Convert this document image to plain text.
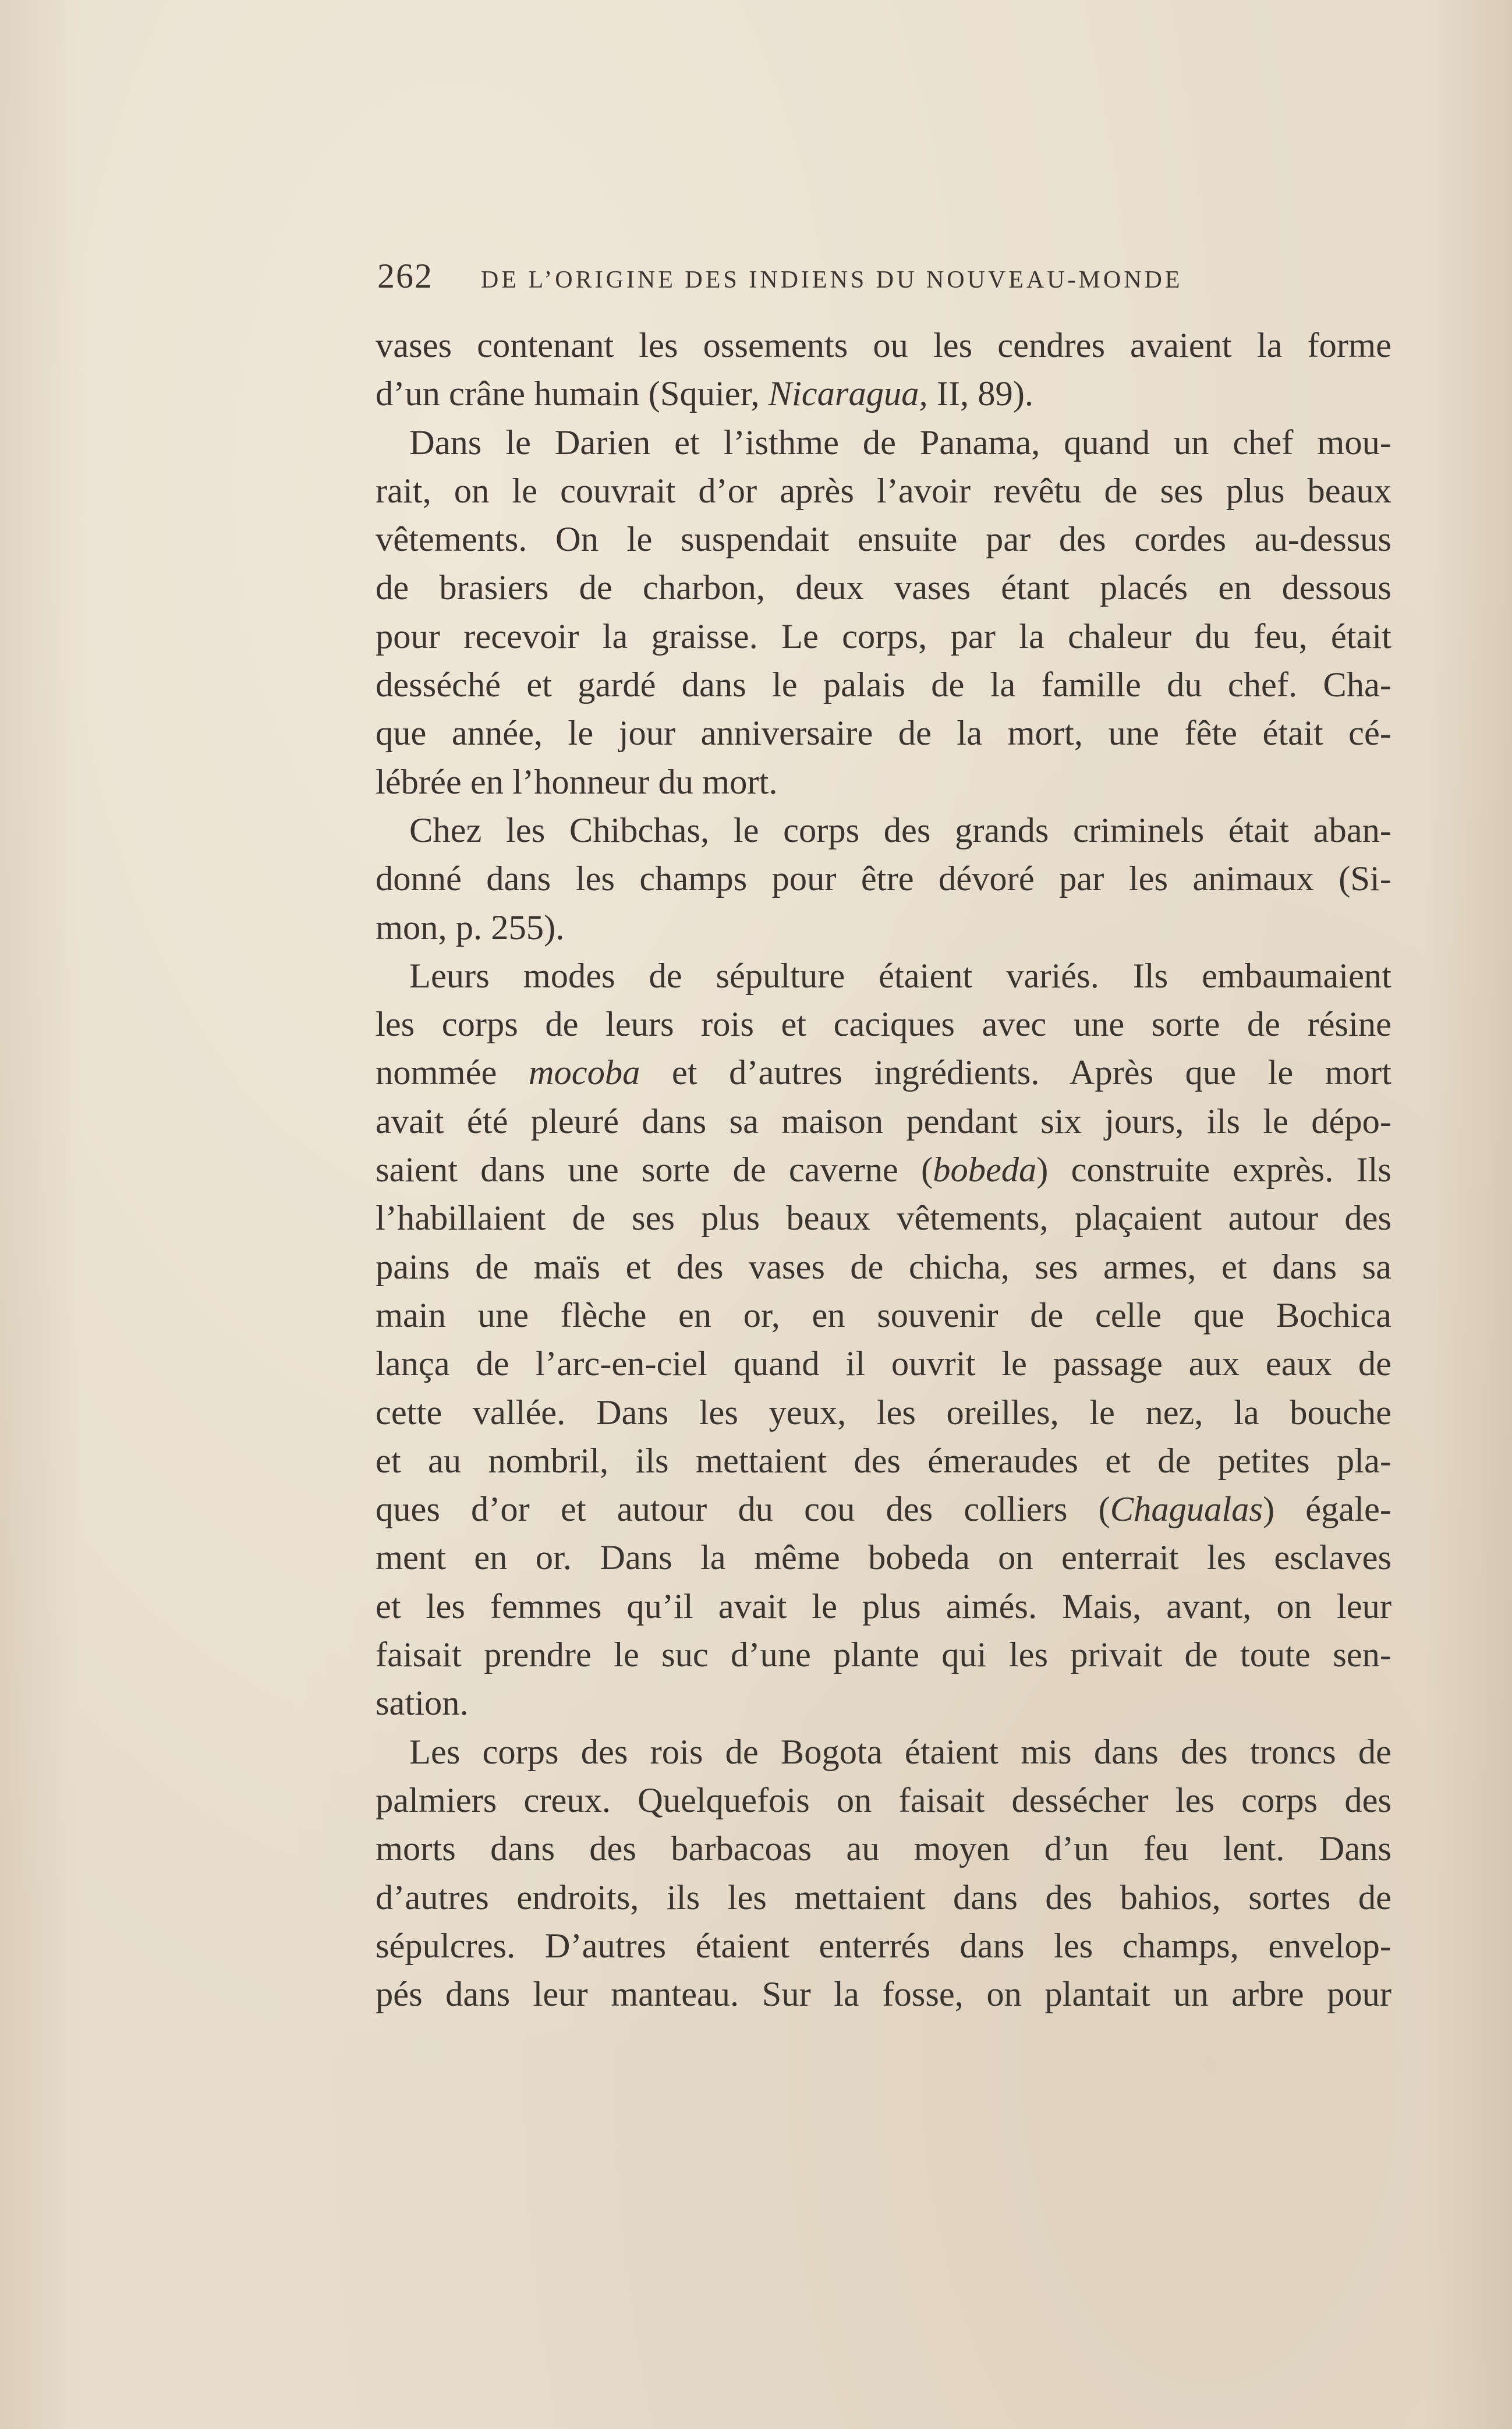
262 DE L’ORIGINE DES INDIENS DU NOUVEAU-MONDE
vases contenant les ossements ou les cendres avaient la forme
d’un crâne humain (Squier, Nicaragua, II, 89).
Dans le Darien et l’isthme de Panama, quand un chef mou-
rait, on le couvrait d’or après l’avoir revêtu de ses plus beaux
vêtements. On le suspendait ensuite par des cordes au-dessus
de brasiers de charbon, deux vases étant placés en dessous
pour recevoir la graisse. Le corps, par la chaleur du feu, était
desséché et gardé dans le palais de la famille du chef. Cha-
que année, le jour anniversaire de la mort, une fête était cé-
lébrée en l’honneur du mort.
Chez les Chibchas, le corps des grands criminels était aban-
donné dans les champs pour être dévoré par les animaux (Si-
mon, p. 255).
Leurs modes de sépulture étaient variés. Ils embaumaient
les corps de leurs rois et caciques avec une sorte de résine
nommée mocoba et d’autres ingrédients. Après que le mort
avait été pleuré dans sa maison pendant six jours, ils le dépo-
saient dans une sorte de caverne (bobeda) construite exprès. Ils
l’habillaient de ses plus beaux vêtements, plaçaient autour des
pains de maïs et des vases de chicha, ses armes, et dans sa
main une flèche en or, en souvenir de celle que Bochica
lança de l’arc-en-ciel quand il ouvrit le passage aux eaux de
cette vallée. Dans les yeux, les oreilles, le nez, la bouche
et au nombril, ils mettaient des émeraudes et de petites pla-
ques d’or et autour du cou des colliers (Chagualas) égale-
ment en or. Dans la même bobeda on enterrait les esclaves
et les femmes qu’il avait le plus aimés. Mais, avant, on leur
faisait prendre le suc d’une plante qui les privait de toute sen-
sation.
Les corps des rois de Bogota étaient mis dans des troncs de
palmiers creux. Quelquefois on faisait dessécher les corps des
morts dans des barbacoas au moyen d’un feu lent. Dans
d’autres endroits, ils les mettaient dans des bahios, sortes de
sépulcres. D’autres étaient enterrés dans les champs, envelop-
pés dans leur manteau. Sur la fosse, on plantait un arbre pour
